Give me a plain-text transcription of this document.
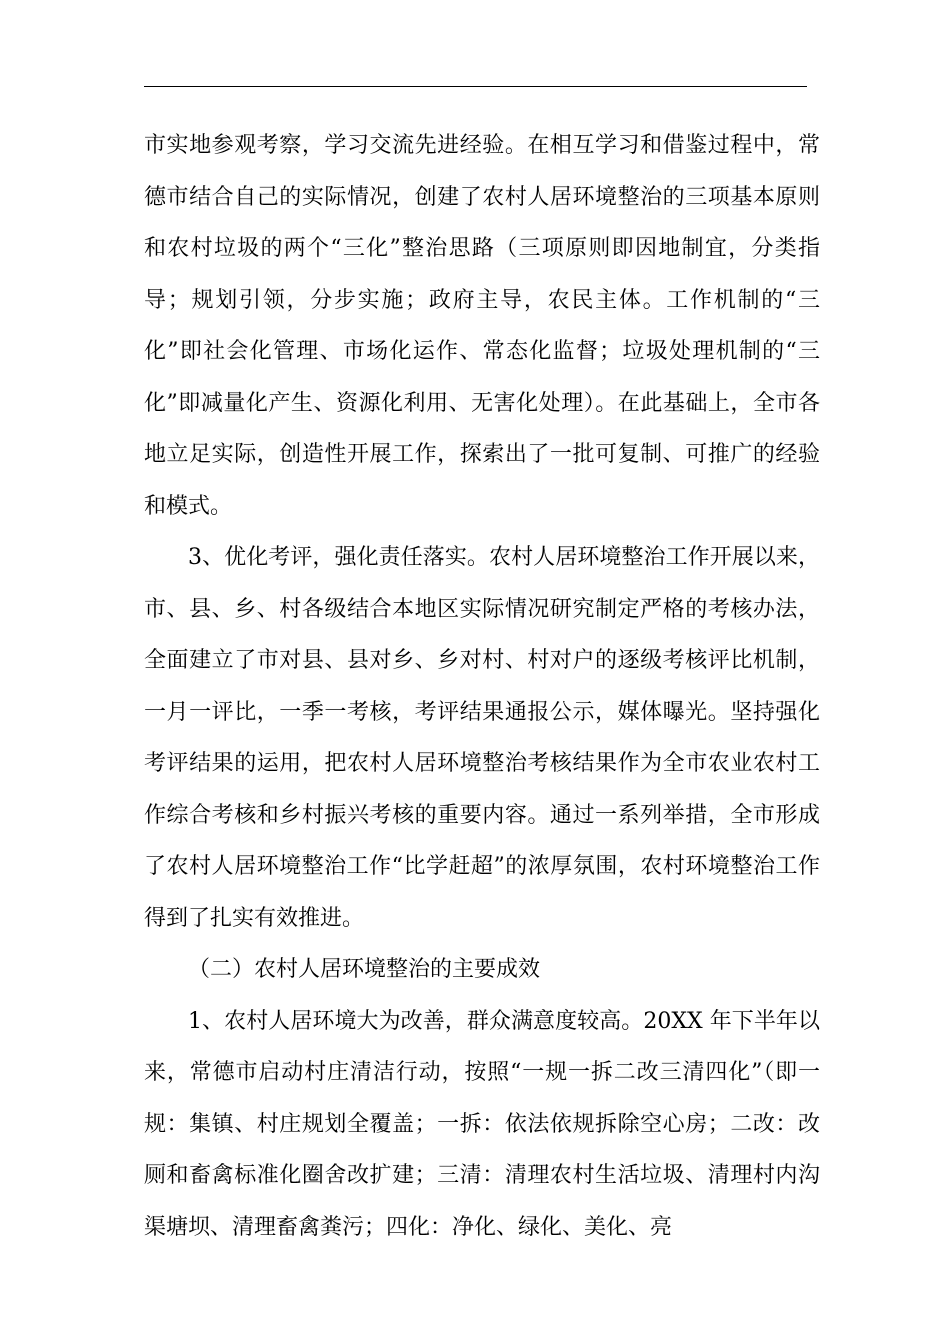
市实地参观考察，学习交流先进经验。在相互学习和借鉴过程中，常德市结合自己的实际情况，创建了农村人居环境整治的三项基本原则和农村垃圾的两个“三化”整治思路（三项原则即因地制宜，分类指导；规划引领，分步实施；政府主导，农民主体。工作机制的“三化”即社会化管理、市场化运作、常态化监督；垃圾处理机制的“三化”即减量化产生、资源化利用、无害化处理）。在此基础上，全市各地立足实际，创造性开展工作，探索出了一批可复制、可推广的经验和模式。

3、优化考评，强化责任落实。农村人居环境整治工作开展以来，市、县、乡、村各级结合本地区实际情况研究制定严格的考核办法，全面建立了市对县、县对乡、乡对村、村对户的逐级考核评比机制，一月一评比，一季一考核，考评结果通报公示，媒体曝光。坚持强化考评结果的运用，把农村人居环境整治考核结果作为全市农业农村工作综合考核和乡村振兴考核的重要内容。通过一系列举措，全市形成了农村人居环境整治工作“比学赶超”的浓厚氛围，农村环境整治工作得到了扎实有效推进。

（二）农村人居环境整治的主要成效

1、农村人居环境大为改善，群众满意度较高。20XX 年下半年以来，常德市启动村庄清洁行动，按照“一规一拆二改三清四化”（即一规：集镇、村庄规划全覆盖；一拆：依法依规拆除空心房；二改：改厕和畜禽标准化圈舍改扩建；三清：清理农村生活垃圾、清理村内沟渠塘坝、清理畜禽粪污；四化：净化、绿化、美化、亮
